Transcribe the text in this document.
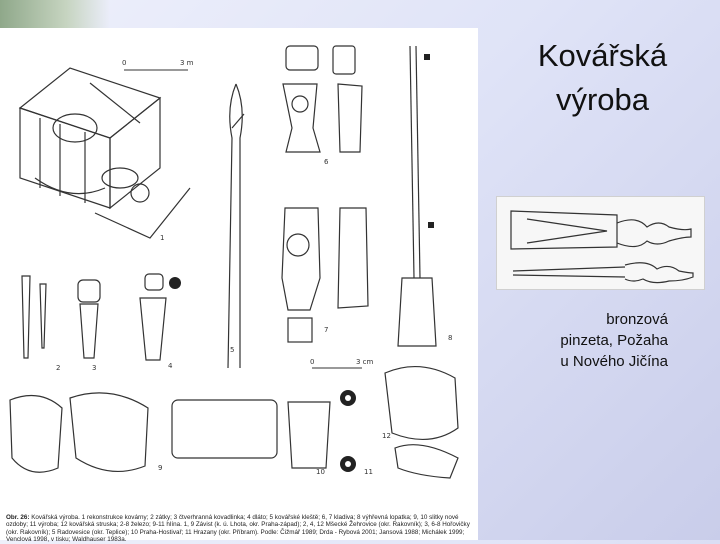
0	3 m
0	3 cm
1
2	3	4
5
6
7
8
9	10	11
12
Obr. 26: Kovářská výroba. 1 rekonstrukce kovárny; 2 zátky; 3 čtverhranná kovadlinka; 4 dláto; 5 kovářské kleště; 6, 7 kladiva; 8 výhřevná lopatka; 9, 10 slitky nové ozdoby; 11 výroba; 12 kovářská struska; 2-8 železo; 9-11 hlína. 1, 9 Závist (k. ú. Lhota, okr. Praha-západ); 2, 4, 12 Mšecké Žehrovice (okr. Rakovník); 3, 6-8 Hořovičky (okr. Rakovník); 5 Radovesice (okr. Teplice); 10 Praha-Hostivař; 11 Hrazany (okr. Příbram). Podle: Čižmář 1989; Drda - Rybová 2001; Jansová 1988; Michálek 1999; Venclová 1998, v tisku; Waldhauser 1983a.
Kovářská
výroba
bronzová
pinzeta, Požaha
u Nového Jičína
